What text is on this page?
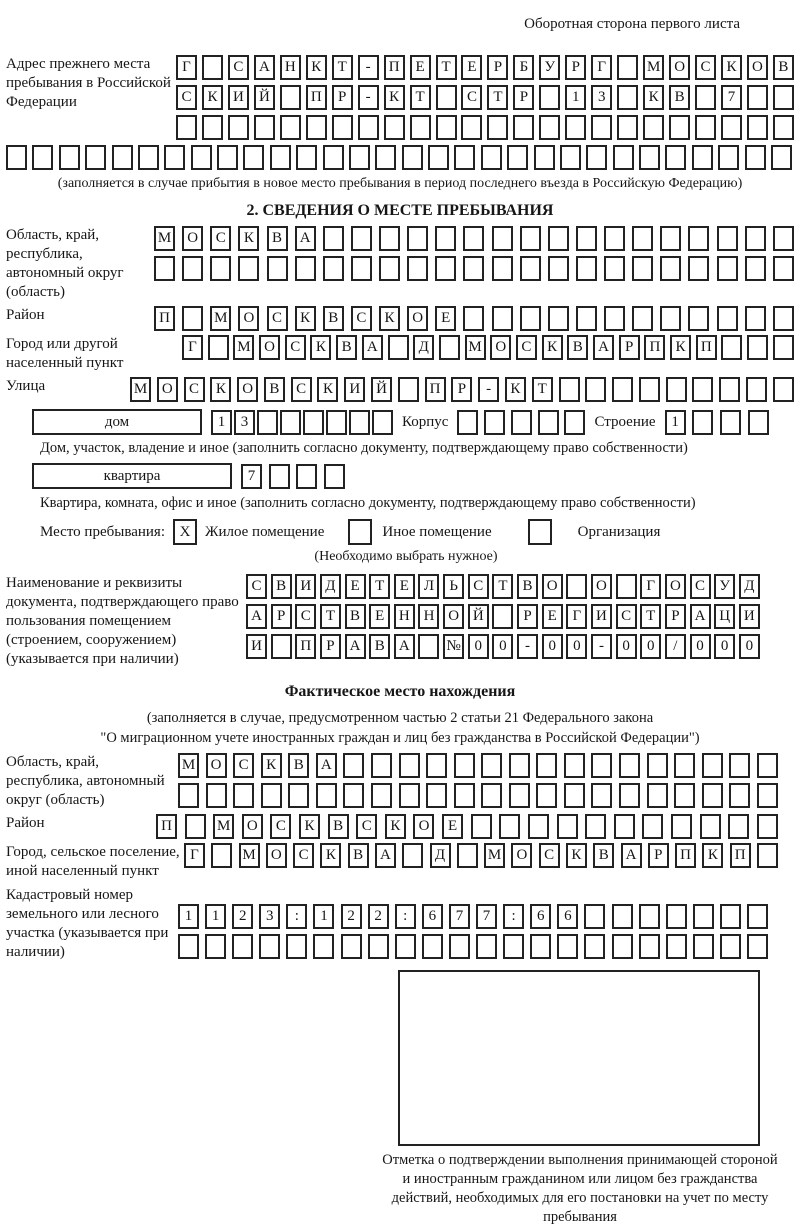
Оборотная сторона первого листа
Адрес прежнего места пребывания в Российской Федерации
Г	С	А	Н	К	Т	-	П	Е	Т	Е	Р	Б	У	Р	Г	М О	С	К	О	В
С	К	И	Й	П	Р	-	К	Т	С	Т	Р	1	3	К	В	7
(заполняется в случае прибытия в новое место пребывания в период последнего въезда в Российскую Федерацию)
2. СВЕДЕНИЯ О МЕСТЕ ПРЕБЫВАНИЯ
Область, край, республика, автономный округ (область)
М	О	С	К	В	А
Район	П	М	О	С	К	В	С	К	О	Е
Город или другой населенный пункт
Г	М О	С	К	В	А	Д	М О	С	К	В	А	Р	П	К	П
Улица	М О	С	К	О	В	С	К	И	Й	П	Р	-	К	Т
дом	1	3	Корпус	Строение	1
Дом, участок, владение и иное (заполнить согласно документу, подтверждающему право собственности)
квартира	7
Квартира, комната, офис и иное (заполнить согласно документу, подтверждающему право собственности)
Место пребывания: X Жилое помещение	Иное помещение	Организация
(Необходимо выбрать нужное)
Наименование и реквизиты документа, подтверждающего право пользования помещением (строением, сооружением) (указывается при наличии)
С В И Д Е	Т	Е Л	Ь	С	Т	В О	О	Г О С У Д
А	Р	С	Т	В	Е Н Н О Й	Р	Е	Г И С	Т	Р	А Ц И
И	П	Р	А В А	№ 0	0	-	0	0	-	0	0	/	0	0	0
Фактическое место нахождения
(заполняется в случае, предусмотренном частью 2 статьи 21 Федерального закона
"О миграционном учете иностранных граждан и лиц без гражданства в Российской Федерации")
Область, край, республика, автономный округ (область)
М	О	С	К	В	А
Район	П	М	О	С	К	В	С	К	О	Е
Город, сельское поселение, иной населенный пункт
Г	М	О	С	К	В	А	Д	М	О	С	К	В	А	Р	П	К	П
Кадастровый номер земельного или лесного участка (указывается при наличии)
1	1	2	3	:	1	2	2	:	6	7	7	:	6	6
Отметка о подтверждении выполнения принимающей стороной и иностранным гражданином или лицом без гражданства действий, необходимых для его постановки на учет по месту пребывания
